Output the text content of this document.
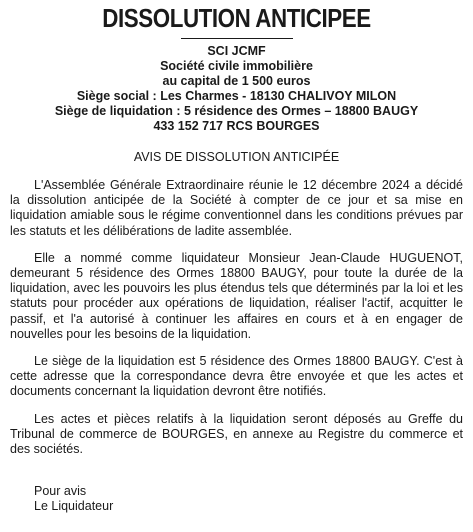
DISSOLUTION ANTICIPEE
SCI JCMF
Société civile immobilière
au capital de 1 500 euros
Siège social : Les Charmes - 18130 CHALIVOY MILON
Siège de liquidation : 5 résidence des Ormes – 18800 BAUGY
433 152 717 RCS BOURGES
AVIS DE DISSOLUTION ANTICIPÉE

L'Assemblée Générale Extraordinaire réunie le 12 décembre 2024 a décidé la dissolution anticipée de la Société à compter de ce jour et sa mise en liquidation amiable sous le régime conventionnel dans les conditions prévues par les statuts et les délibérations de ladite assemblée.

Elle a nommé comme liquidateur Monsieur Jean-Claude HUGUENOT, demeurant 5 résidence des Ormes 18800 BAUGY, pour toute la durée de la liquidation, avec les pouvoirs les plus étendus tels que déterminés par la loi et les statuts pour procéder aux opérations de liquidation, réaliser l'actif, acquitter le passif, et l'a autorisé à continuer les affaires en cours et à en engager de nouvelles pour les besoins de la liquidation.

Le siège de la liquidation est 5 résidence des Ormes 18800 BAUGY. C'est à cette adresse que la correspondance devra être envoyée et que les actes et documents concernant la liquidation devront être notifiés.

Les actes et pièces relatifs à la liquidation seront déposés au Greffe du Tribunal de commerce de BOURGES, en annexe au Registre du commerce et des sociétés.

Pour avis
Le Liquidateur
